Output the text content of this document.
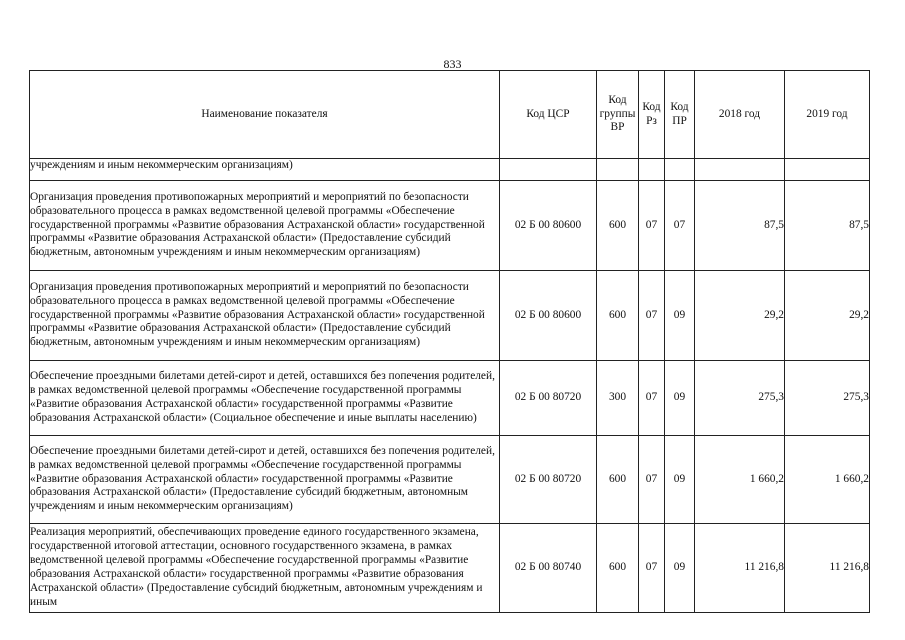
833
Наименование показателя	Код ЦСР	Код группы ВР	Код Рз	Код ПР	2018 год	2019 год
учреждениям и иным некоммерческим организациям)						
Организация проведения противопожарных мероприятий и мероприятий по безопасности образовательного процесса в рамках ведомственной целевой программы «Обеспечение государственной программы «Развитие образования Астраханской области» государственной программы «Развитие образования Астраханской области» (Предоставление субсидий бюджетным, автономным учреждениям и иным некоммерческим организациям)	02 Б 00 80600	600	07	07	87,5	87,5
Организация проведения противопожарных мероприятий и мероприятий по безопасности образовательного процесса в рамках ведомственной целевой программы «Обеспечение государственной программы «Развитие образования Астраханской области» государственной программы «Развитие образования Астраханской области» (Предоставление субсидий бюджетным, автономным учреждениям и иным некоммерческим организациям)	02 Б 00 80600	600	07	09	29,2	29,2
Обеспечение проездными билетами детей-сирот и детей, оставшихся без попечения родителей, в рамках ведомственной целевой программы «Обеспечение государственной программы «Развитие образования Астраханской области» государственной программы «Развитие образования Астраханской области» (Социальное обеспечение и иные выплаты населению)	02 Б 00 80720	300	07	09	275,3	275,3
Обеспечение проездными билетами детей-сирот и детей, оставшихся без попечения родителей, в рамках ведомственной целевой программы «Обеспечение государственной программы «Развитие образования Астраханской области» государственной программы «Развитие образования Астраханской области» (Предоставление субсидий бюджетным, автономным учреждениям и иным некоммерческим организациям)	02 Б 00 80720	600	07	09	1 660,2	1 660,2
Реализация мероприятий, обеспечивающих проведение единого государственного экзамена, государственной итоговой аттестации, основного государственного экзамена, в рамках ведомственной целевой программы «Обеспечение государственной программы «Развитие образования Астраханской области» государственной программы «Развитие образования Астраханской области» (Предоставление субсидий бюджетным, автономным учреждениям и иным	02 Б 00 80740	600	07	09	11 216,8	11 216,8
